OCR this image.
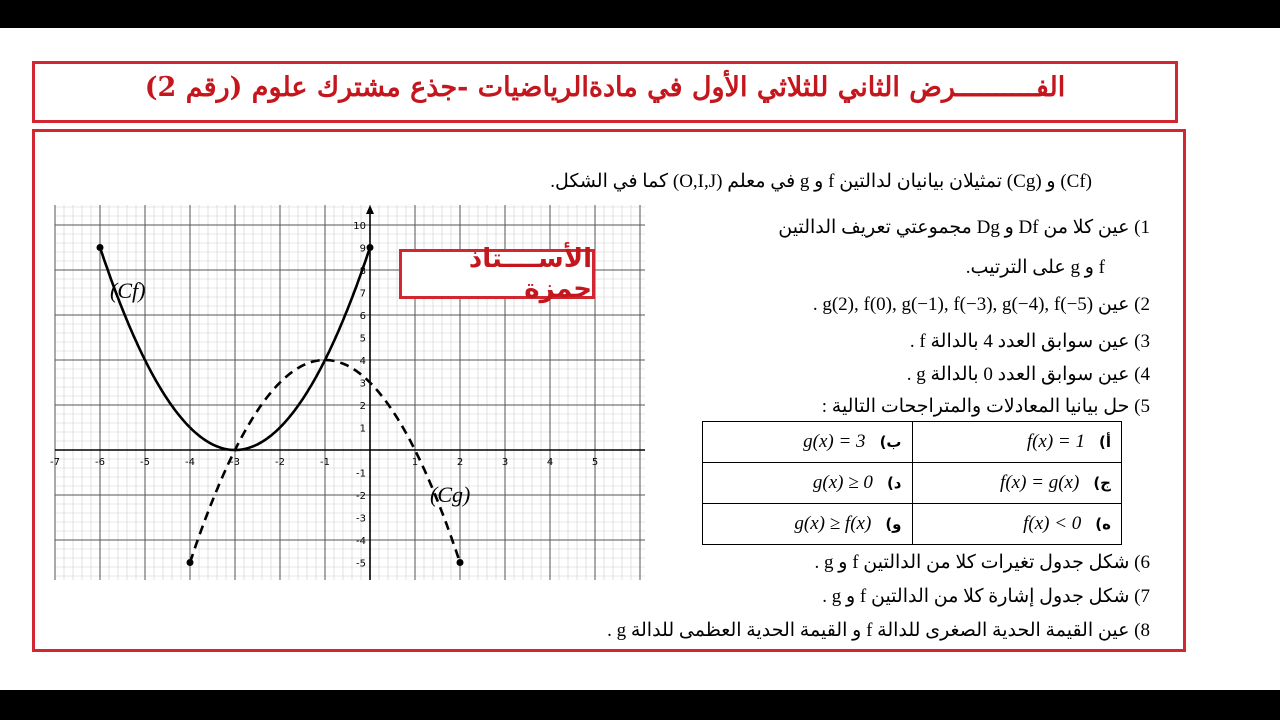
الفــــــــــرض الثاني للثلاثي الأول في مادةالرياضيات -جذع مشترك علوم (رقم 2)
(Cf) و (Cg) تمثيلان بيانيان لدالتين f و g في معلم (O,I,J) كما في الشكل.
-7	-6	-5	-4	-3	-2	-1	1	2	3	4	5
10
9
8
7
6
5
4
3
2
1
-1
-2
-3
-4
-5
(Cf)
(Cg)
الأســــتاذ حمزة
1) عين كلا من Df و Dg مجموعتي تعريف الدالتين
f و g على الترتيب.
2) عين g(2), f(0), g(−1), f(−3), g(−4), f(−5) .
3) عين سوابق العدد 4 بالدالة f .
4) عين سوابق العدد 0 بالدالة g .
5) حل بيانيا المعادلات والمتراجحات التالية :
أ)f(x) = 1	ب)g(x) = 3
ج)f(x) = g(x)	د)g(x) ≥ 0
ه)f(x) < 0	و)g(x) ≥ f(x)
6) شكل جدول تغيرات كلا من الدالتين f و g .
7) شكل جدول إشارة كلا من الدالتين f و g .
8) عين القيمة الحدية الصغرى للدالة f و القيمة الحدية العظمى للدالة g .
